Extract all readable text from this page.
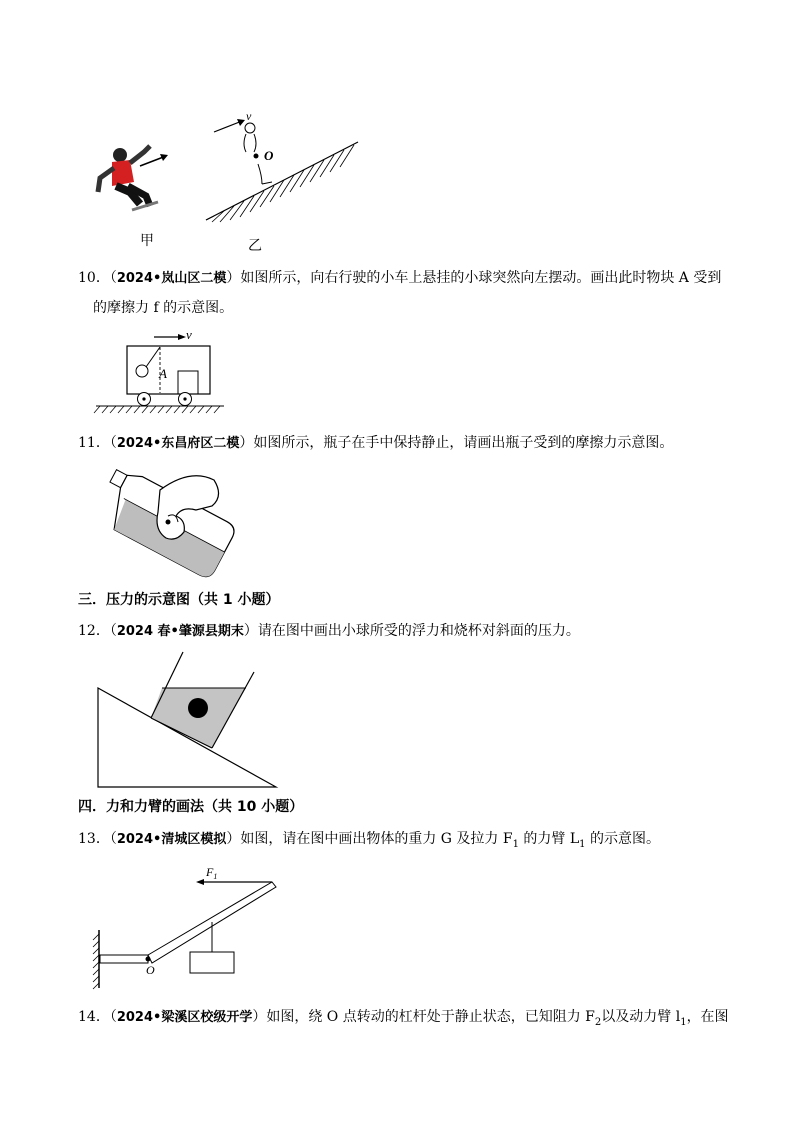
v
O
甲	乙
10．（2024•岚山区二模）如图所示，向右行驶的小车上悬挂的小球突然向左摆动。画出此时物块 A 受到
的摩擦力 f 的示意图。
v
A
11．（2024•东昌府区二模）如图所示，瓶子在手中保持静止，请画出瓶子受到的摩擦力示意图。
三．压力的示意图（共 1 小题）
12．（2024 春•肇源县期末）请在图中画出小球所受的浮力和烧杯对斜面的压力。
四．力和力臂的画法（共 10 小题）
13．（2024•清城区模拟）如图，请在图中画出物体的重力 G 及拉力 $F_1$ 的力臂 $L_1$ 的示意图。
$F_1$
O
14．（2024•梁溪区校级开学）如图，绕 O 点转动的杠杆处于静止状态，已知阻力 $F_2$以及动力臂 $l_1$，在图
